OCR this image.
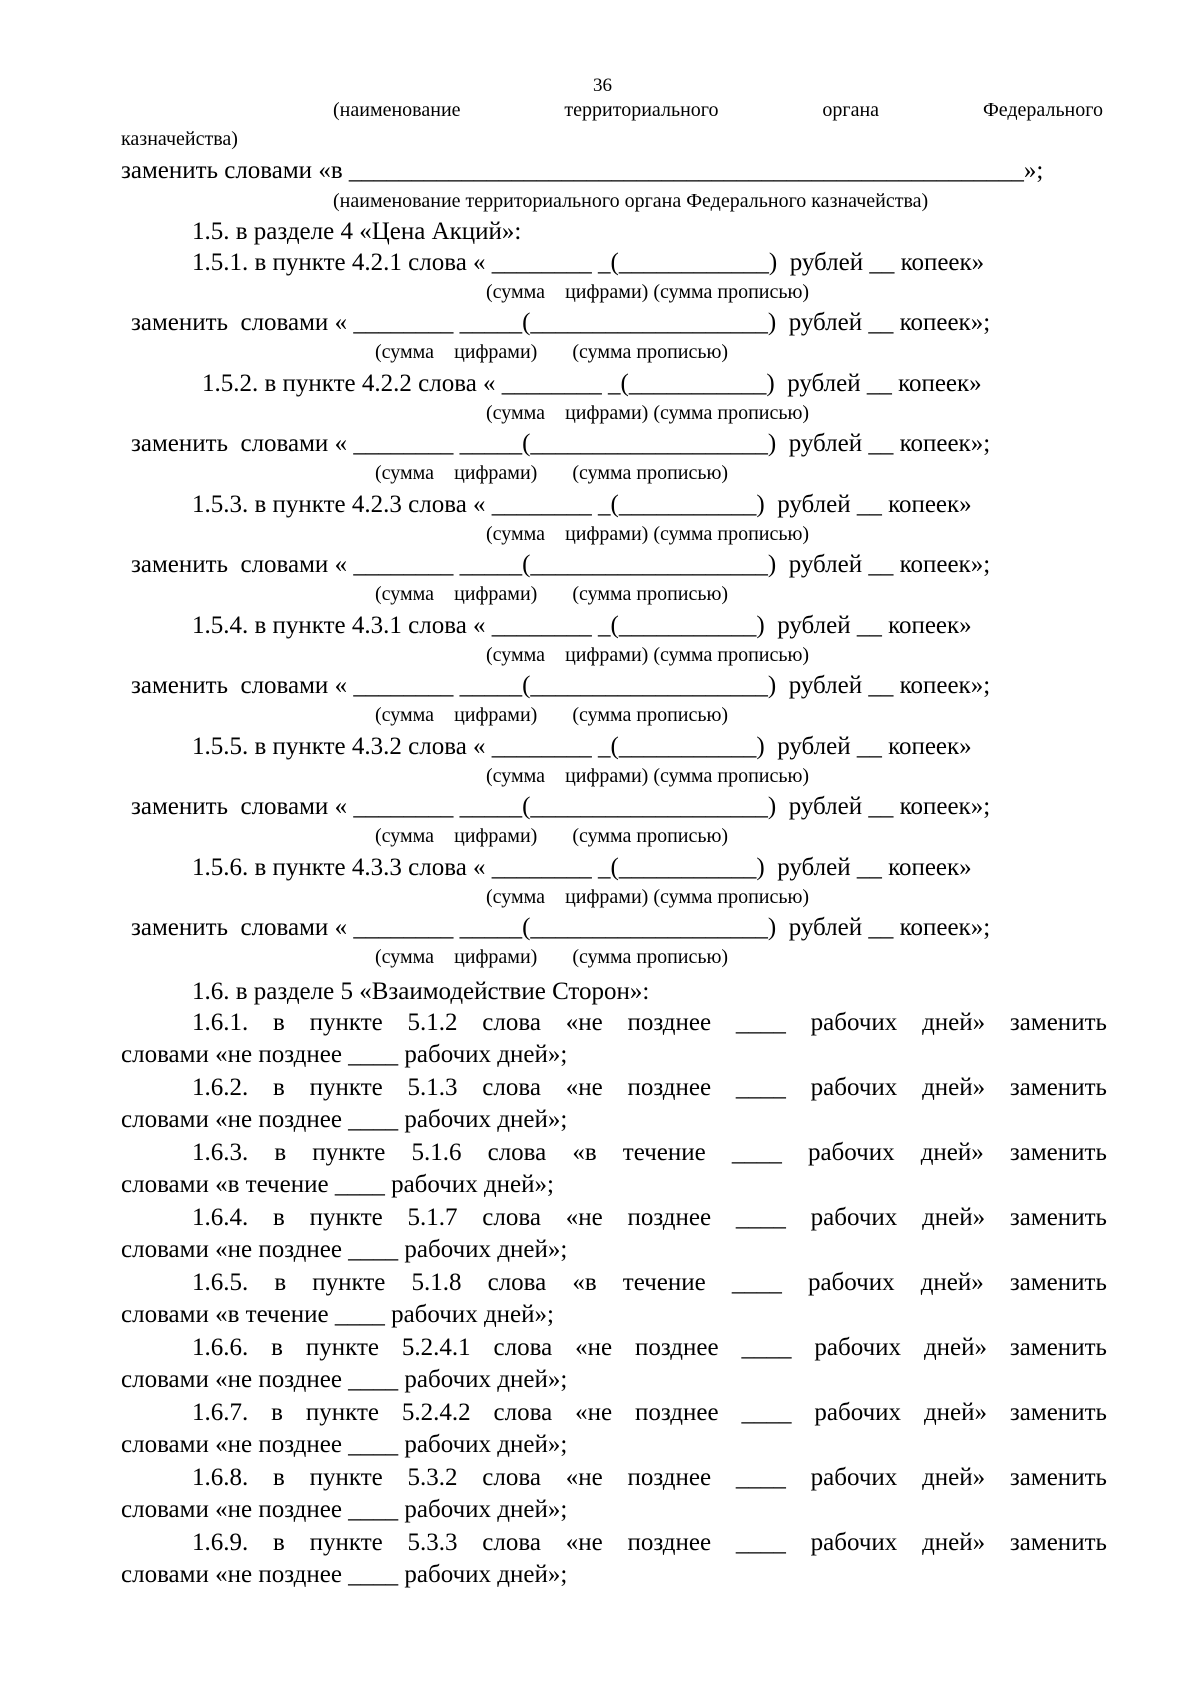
36
(наименование	территориального	органа	Федерального
казначейства)
заменить словами «в ______________________________________________________»;
(наименование территориального органа Федерального казначейства)
1.5. в разделе 4 «Цена Акций»:
1.5.1. в пункте 4.2.1 слова « ________ _(____________)  рублей __ копеек»
(сумма    цифрами) (сумма прописью)
заменить  словами « ________ _____(___________________)  рублей __ копеек»;
(сумма    цифрами)       (сумма прописью)
1.5.2. в пункте 4.2.2 слова « ________ _(___________)  рублей __ копеек»
(сумма    цифрами) (сумма прописью)
заменить  словами « ________ _____(___________________)  рублей __ копеек»;
(сумма    цифрами)       (сумма прописью)
1.5.3. в пункте 4.2.3 слова « ________ _(___________)  рублей __ копеек»
(сумма    цифрами) (сумма прописью)
заменить  словами « ________ _____(___________________)  рублей __ копеек»;
(сумма    цифрами)       (сумма прописью)
1.5.4. в пункте 4.3.1 слова « ________ _(___________)  рублей __ копеек»
(сумма    цифрами) (сумма прописью)
заменить  словами « ________ _____(___________________)  рублей __ копеек»;
(сумма    цифрами)       (сумма прописью)
1.5.5. в пункте 4.3.2 слова « ________ _(___________)  рублей __ копеек»
(сумма    цифрами) (сумма прописью)
заменить  словами « ________ _____(___________________)  рублей __ копеек»;
(сумма    цифрами)       (сумма прописью)
1.5.6. в пункте 4.3.3 слова « ________ _(___________)  рублей __ копеек»
(сумма    цифрами) (сумма прописью)
заменить  словами « ________ _____(___________________)  рублей __ копеек»;
(сумма    цифрами)       (сумма прописью)
1.6. в разделе 5 «Взаимодействие Сторон»:
1.6.1. в пункте 5.1.2 слова «не позднее ____ рабочих дней» заменить
словами «не позднее ____ рабочих дней»;
1.6.2. в пункте 5.1.3 слова «не позднее ____ рабочих дней» заменить
словами «не позднее ____ рабочих дней»;
1.6.3. в пункте 5.1.6 слова «в течение ____ рабочих дней» заменить
словами «в течение ____ рабочих дней»;
1.6.4. в пункте 5.1.7 слова «не позднее ____ рабочих дней» заменить
словами «не позднее ____ рабочих дней»;
1.6.5. в пункте 5.1.8 слова «в течение ____ рабочих дней» заменить
словами «в течение ____ рабочих дней»;
1.6.6. в пункте 5.2.4.1 слова «не позднее ____ рабочих дней» заменить
словами «не позднее ____ рабочих дней»;
1.6.7. в пункте 5.2.4.2 слова «не позднее ____ рабочих дней» заменить
словами «не позднее ____ рабочих дней»;
1.6.8. в пункте 5.3.2 слова «не позднее ____ рабочих дней» заменить
словами «не позднее ____ рабочих дней»;
1.6.9. в пункте 5.3.3 слова «не позднее ____ рабочих дней» заменить
словами «не позднее ____ рабочих дней»;
